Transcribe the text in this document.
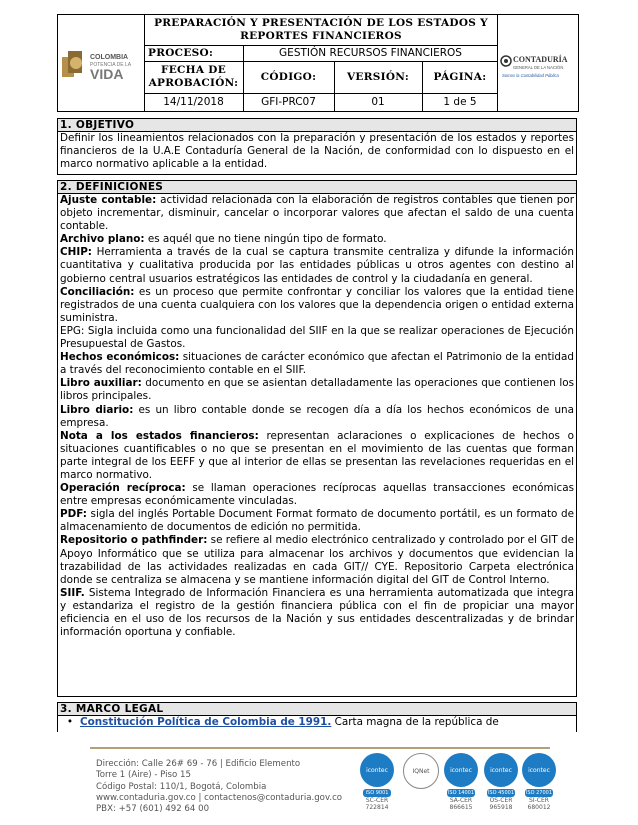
COLOMBIA
POTENCIA DE LA
VIDA
CONTADURÍA
GENERAL DE LA NACIÓN
Somos la Contabilidad Pública
PREPARACIÓN Y PRESENTACIÓN DE LOS ESTADOS Y REPORTES FINANCIEROS
PROCESO:	GESTIÓN RECURSOS FINANCIEROS
FECHA DE APROBACIÓN:	CÓDIGO:	VERSIÓN:	PÁGINA:
14/11/2018	GFI-PRC07	01	1 de 5
1. OBJETIVO

Definir los lineamientos relacionados con la preparación y presentación de los estados y reportes financieros de la U.A.E Contaduría General de la Nación, de conformidad con lo dispuesto en el marco normativo aplicable a la entidad.

2. DEFINICIONES

Ajuste contable: actividad relacionada con la elaboración de registros contables que tienen por objeto incrementar, disminuir, cancelar o incorporar valores que afectan el saldo de una cuenta contable.

Archivo plano: es aquél que no tiene ningún tipo de formato.

CHIP: Herramienta a través de la cual se captura transmite centraliza y difunde la información cuantitativa y cualitativa producida por las entidades públicas u otros agentes con destino al gobierno central usuarios estratégicos las entidades de control y la ciudadanía en general.

Conciliación: es un proceso que permite confrontar y conciliar los valores que la entidad tiene registrados de una cuenta cualquiera con los valores que la dependencia origen o entidad externa suministra.

EPG: Sigla incluida como una funcionalidad del SIIF en la que se realizar operaciones de Ejecución Presupuestal de Gastos.

Hechos económicos: situaciones de carácter económico que afectan el Patrimonio de la entidad a través del reconocimiento contable en el SIIF.

Libro auxiliar: documento en que se asientan detalladamente las operaciones que contienen los libros principales.

Libro diario: es un libro contable donde se recogen día a día los hechos económicos de una empresa.

Nota a los estados financieros: representan aclaraciones o explicaciones de hechos o situaciones cuantificables o no que se presentan en el movimiento de las cuentas que forman parte integral de los EEFF y que al interior de ellas se presentan las revelaciones requeridas en el marco normativo.

Operación recíproca: se llaman operaciones recíprocas aquellas transacciones económicas entre empresas económicamente vinculadas.

PDF: sigla del inglés Portable Document Format formato de documento portátil, es un formato de almacenamiento de documentos de edición no permitida.

Repositorio o pathfinder: se refiere al medio electrónico centralizado y controlado por el GIT de Apoyo Informático que se utiliza para almacenar los archivos y documentos que evidencian la trazabilidad de las actividades realizadas en cada GIT// CYE. Repositorio Carpeta electrónica donde se centraliza se almacena y se mantiene información digital del GIT de Control Interno.

SIIF. Sistema Integrado de Información Financiera es una herramienta automatizada que integra y estandariza el registro de la gestión financiera pública con el fin de propiciar una mayor eficiencia en el uso de los recursos de la Nación y sus entidades descentralizadas y de brindar información oportuna y confiable.

3. MARCO LEGAL
• Constitución Política de Colombia de 1991. Carta magna de la república de
Dirección: Calle 26# 69 - 76 | Edificio Elemento
Torre 1 (Aire) - Piso 15
Código Postal: 110/1, Bogotá, Colombia
www.contaduria.gov.co | contactenos@contaduria.gov.co
PBX: +57 (601) 492 64 00
icontec
ISO 9001
SC-CER 722814
IQNet	icontec
ISO 14001
SA-CER 866615
icontec
ISO 45001
OS-CER 965918
icontec
ISO 27001
SI-CER 680012
